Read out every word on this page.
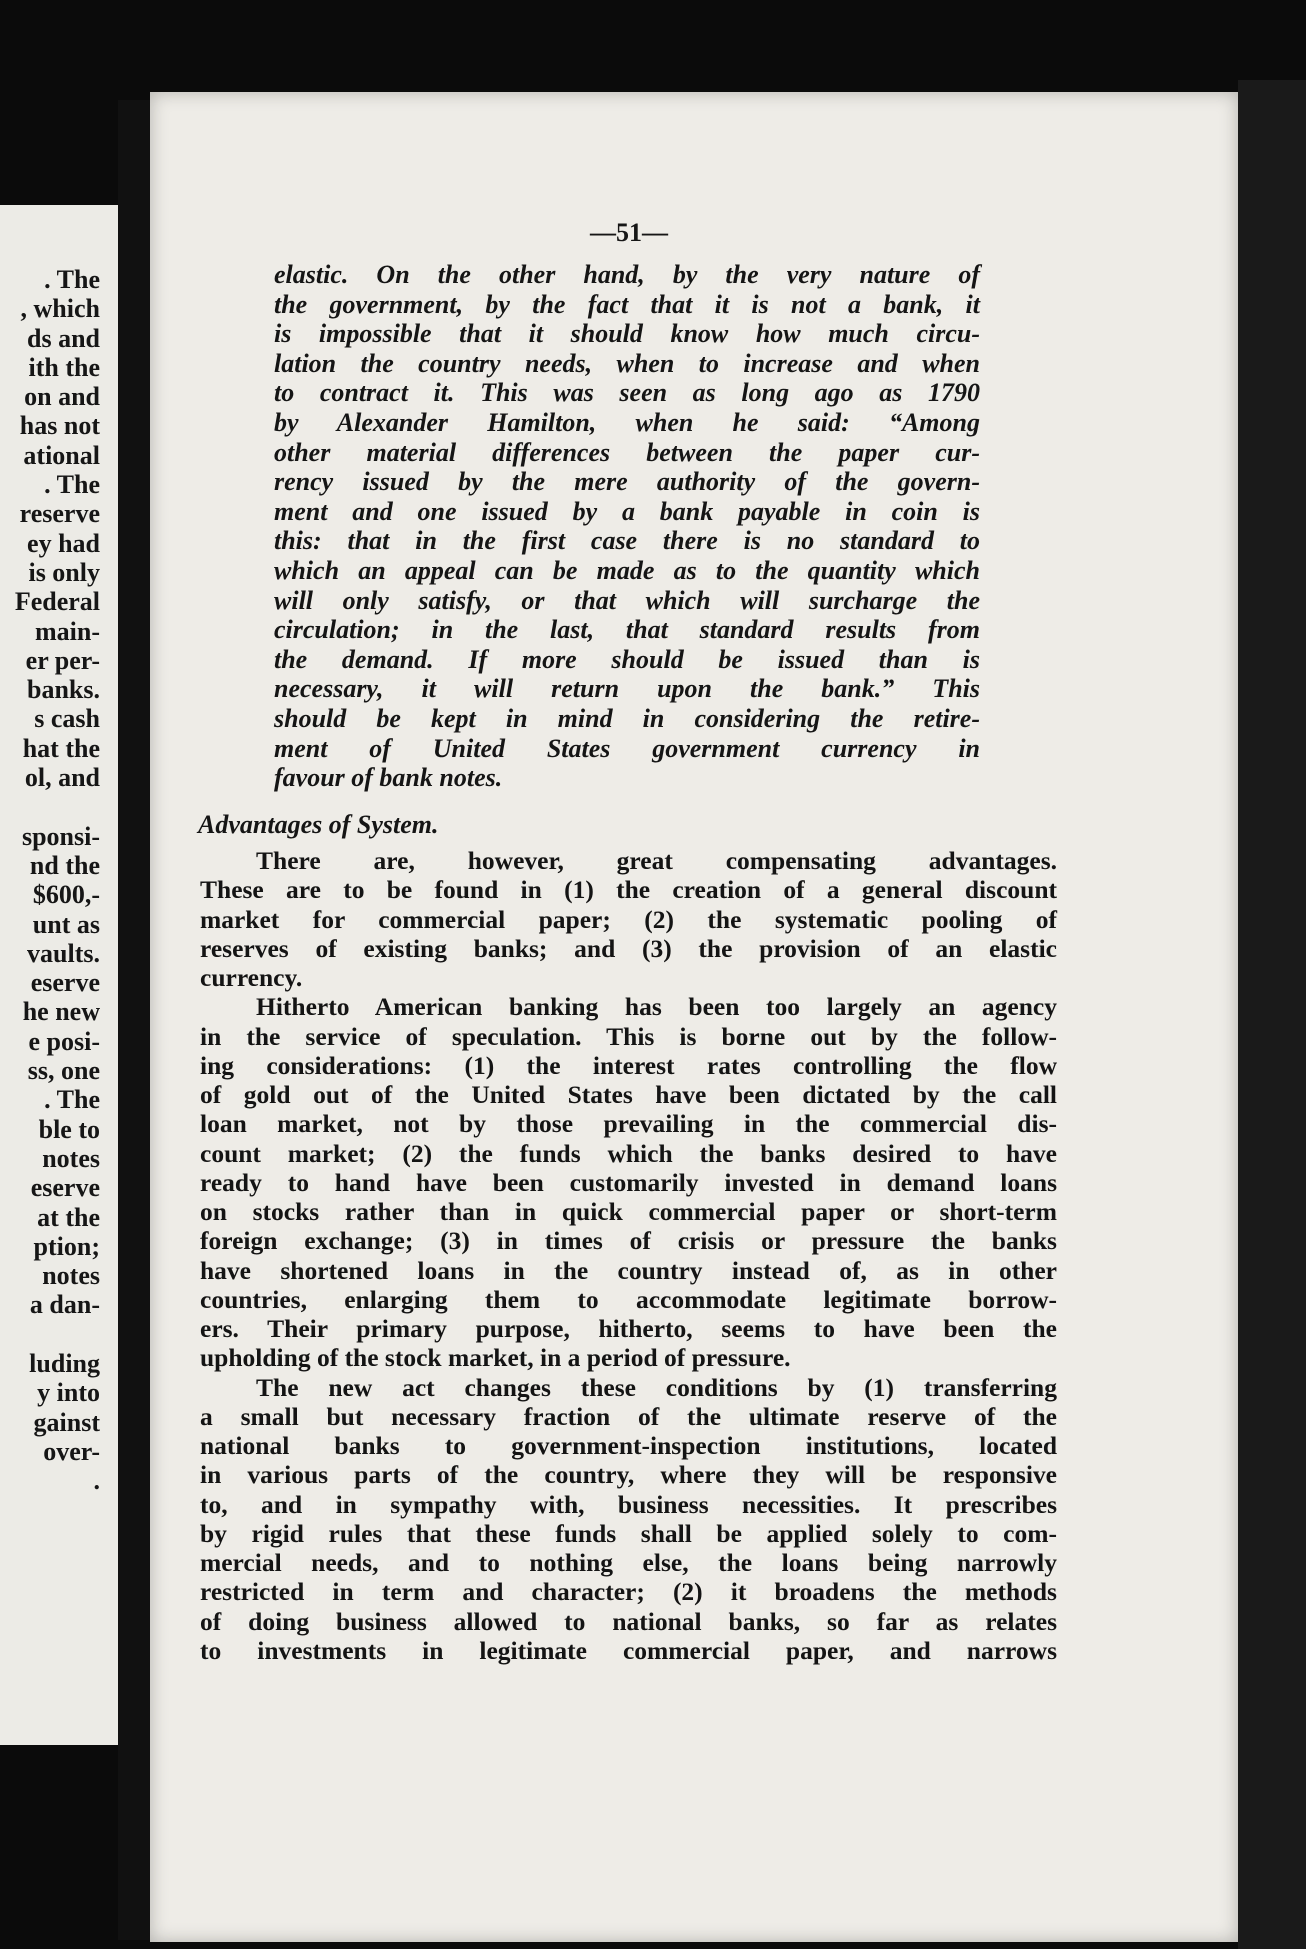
. The
, which
ds and
ith the
on and
has not
ational
. The
reserve
ey had
is only
Federal
main-
er per-
banks.
s cash
hat the
ol, and

sponsi-
nd the
$600,-
unt as
vaults.
eserve
he new
e posi-
ss, one
. The
ble to
notes
eserve
at the
ption;
notes
a dan-

luding
y into
gainst
over-
.
—51—
elastic. On the other hand, by the very nature of
the government, by the fact that it is not a bank, it
is impossible that it should know how much circu-
lation the country needs, when to increase and when
to contract it. This was seen as long ago as 1790
by Alexander Hamilton, when he said: “Among
other material differences between the paper cur-
rency issued by the mere authority of the govern-
ment and one issued by a bank payable in coin is
this: that in the first case there is no standard to
which an appeal can be made as to the quantity which
will only satisfy, or that which will surcharge the
circulation; in the last, that standard results from
the demand. If more should be issued than is
necessary, it will return upon the bank.” This
should be kept in mind in considering the retire-
ment of United States government currency in
favour of bank notes.
Advantages of System.
There are, however, great compensating advantages.
These are to be found in (1) the creation of a general discount
market for commercial paper; (2) the systematic pooling of
reserves of existing banks; and (3) the provision of an elastic
currency.
Hitherto American banking has been too largely an agency
in the service of speculation. This is borne out by the follow-
ing considerations: (1) the interest rates controlling the flow
of gold out of the United States have been dictated by the call
loan market, not by those prevailing in the commercial dis-
count market; (2) the funds which the banks desired to have
ready to hand have been customarily invested in demand loans
on stocks rather than in quick commercial paper or short-term
foreign exchange; (3) in times of crisis or pressure the banks
have shortened loans in the country instead of, as in other
countries, enlarging them to accommodate legitimate borrow-
ers. Their primary purpose, hitherto, seems to have been the
upholding of the stock market, in a period of pressure.
The new act changes these conditions by (1) transferring
a small but necessary fraction of the ultimate reserve of the
national banks to government-inspection institutions, located
in various parts of the country, where they will be responsive
to, and in sympathy with, business necessities. It prescribes
by rigid rules that these funds shall be applied solely to com-
mercial needs, and to nothing else, the loans being narrowly
restricted in term and character; (2) it broadens the methods
of doing business allowed to national banks, so far as relates
to investments in legitimate commercial paper, and narrows
